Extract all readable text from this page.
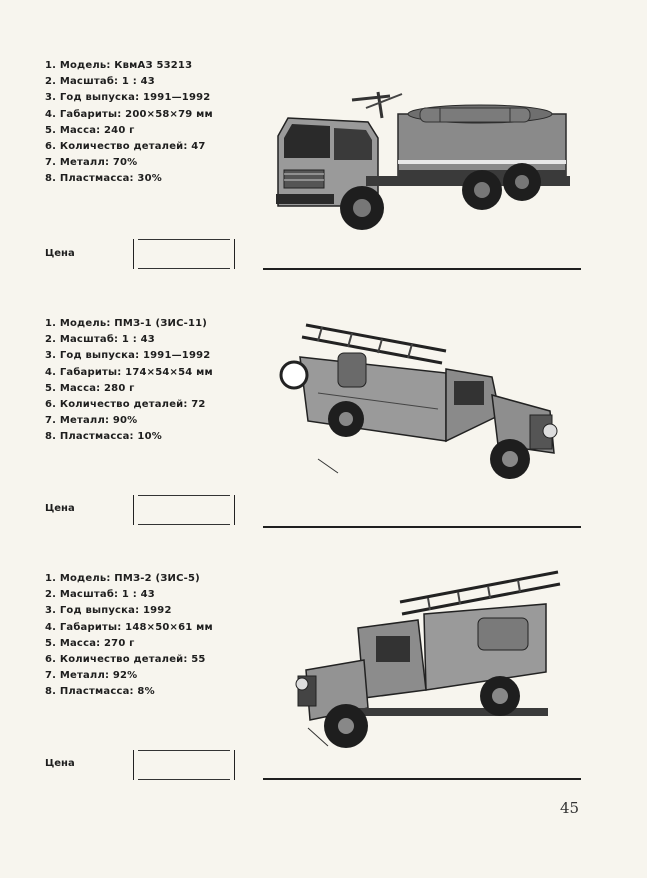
1. Модель: КвмАЗ 53213
2. Масштаб: 1 : 43
3. Год выпуска: 1991—1992
4. Габариты: 200×58×79 мм
5. Масса: 240 г
6. Количество деталей: 47
7. Металл: 70%
8. Пластмасса: 30%
Цена
1. Модель: ПМЗ-1 (ЗИС-11)
2. Масштаб: 1 : 43
3. Год выпуска: 1991—1992
4. Габариты: 174×54×54 мм
5. Масса: 280 г
6. Количество деталей: 72
7. Металл: 90%
8. Пластмасса: 10%
Цена
1. Модель: ПМЗ-2 (ЗИС-5)
2. Масштаб: 1 : 43
3. Год выпуска: 1992
4. Габариты: 148×50×61 мм
5. Масса: 270 г
6. Количество деталей: 55
7. Металл: 92%
8. Пластмасса: 8%
Цена
45
